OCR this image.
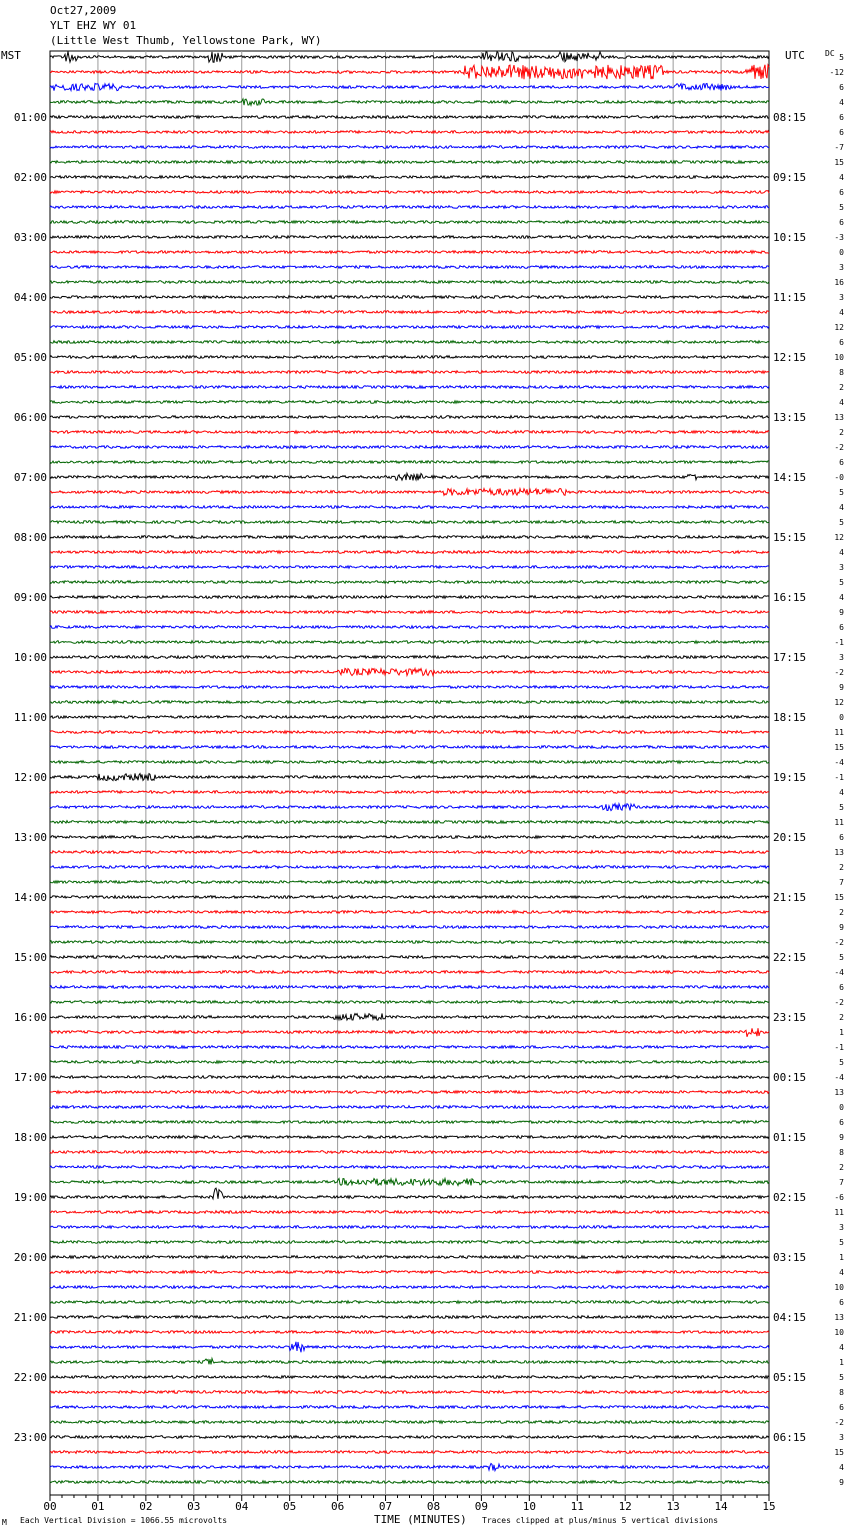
Oct27,2009
YLT EHZ WY 01
(Little West Thumb, Yellowstone Park, WY)
MST	UTC	DC
00	01	02	03	04	05	06	07	08	09	10	11	12	13	14	15
5
-12
6
4
01:00	08:15	6
6
-7
15
02:00	09:15	4
6
5
6
03:00	10:15	-3
0
3
16
04:00	11:15	3
4
12
6
05:00	12:15	10
8
2
4
06:00	13:15	13
2
-2
6
07:00	14:15	-0
5
4
5
08:00	15:15	12
4
3
5
09:00	16:15	4
9
6
-1
10:00	17:15	3
-2
9
12
11:00	18:15	0
11
15
-4
12:00	19:15	-1
4
5
11
13:00	20:15	6
13
2
7
14:00	21:15	15
2
9
-2
15:00	22:15	5
-4
6
-2
16:00	23:15	2
1
-1
5
17:00	00:15	-4
13
0
6
18:00	01:15	9
8
2
7
19:00	02:15	-6
11
3
5
20:00	03:15	1
4
10
6
21:00	04:15	13
10
4
1
22:00	05:15	5
8
6
-2
23:00	06:15	3
15
4
9
M Each Vertical Division = 1066.55 microvolts	TIME (MINUTES) Traces clipped at plus/minus 5 vertical divisions
